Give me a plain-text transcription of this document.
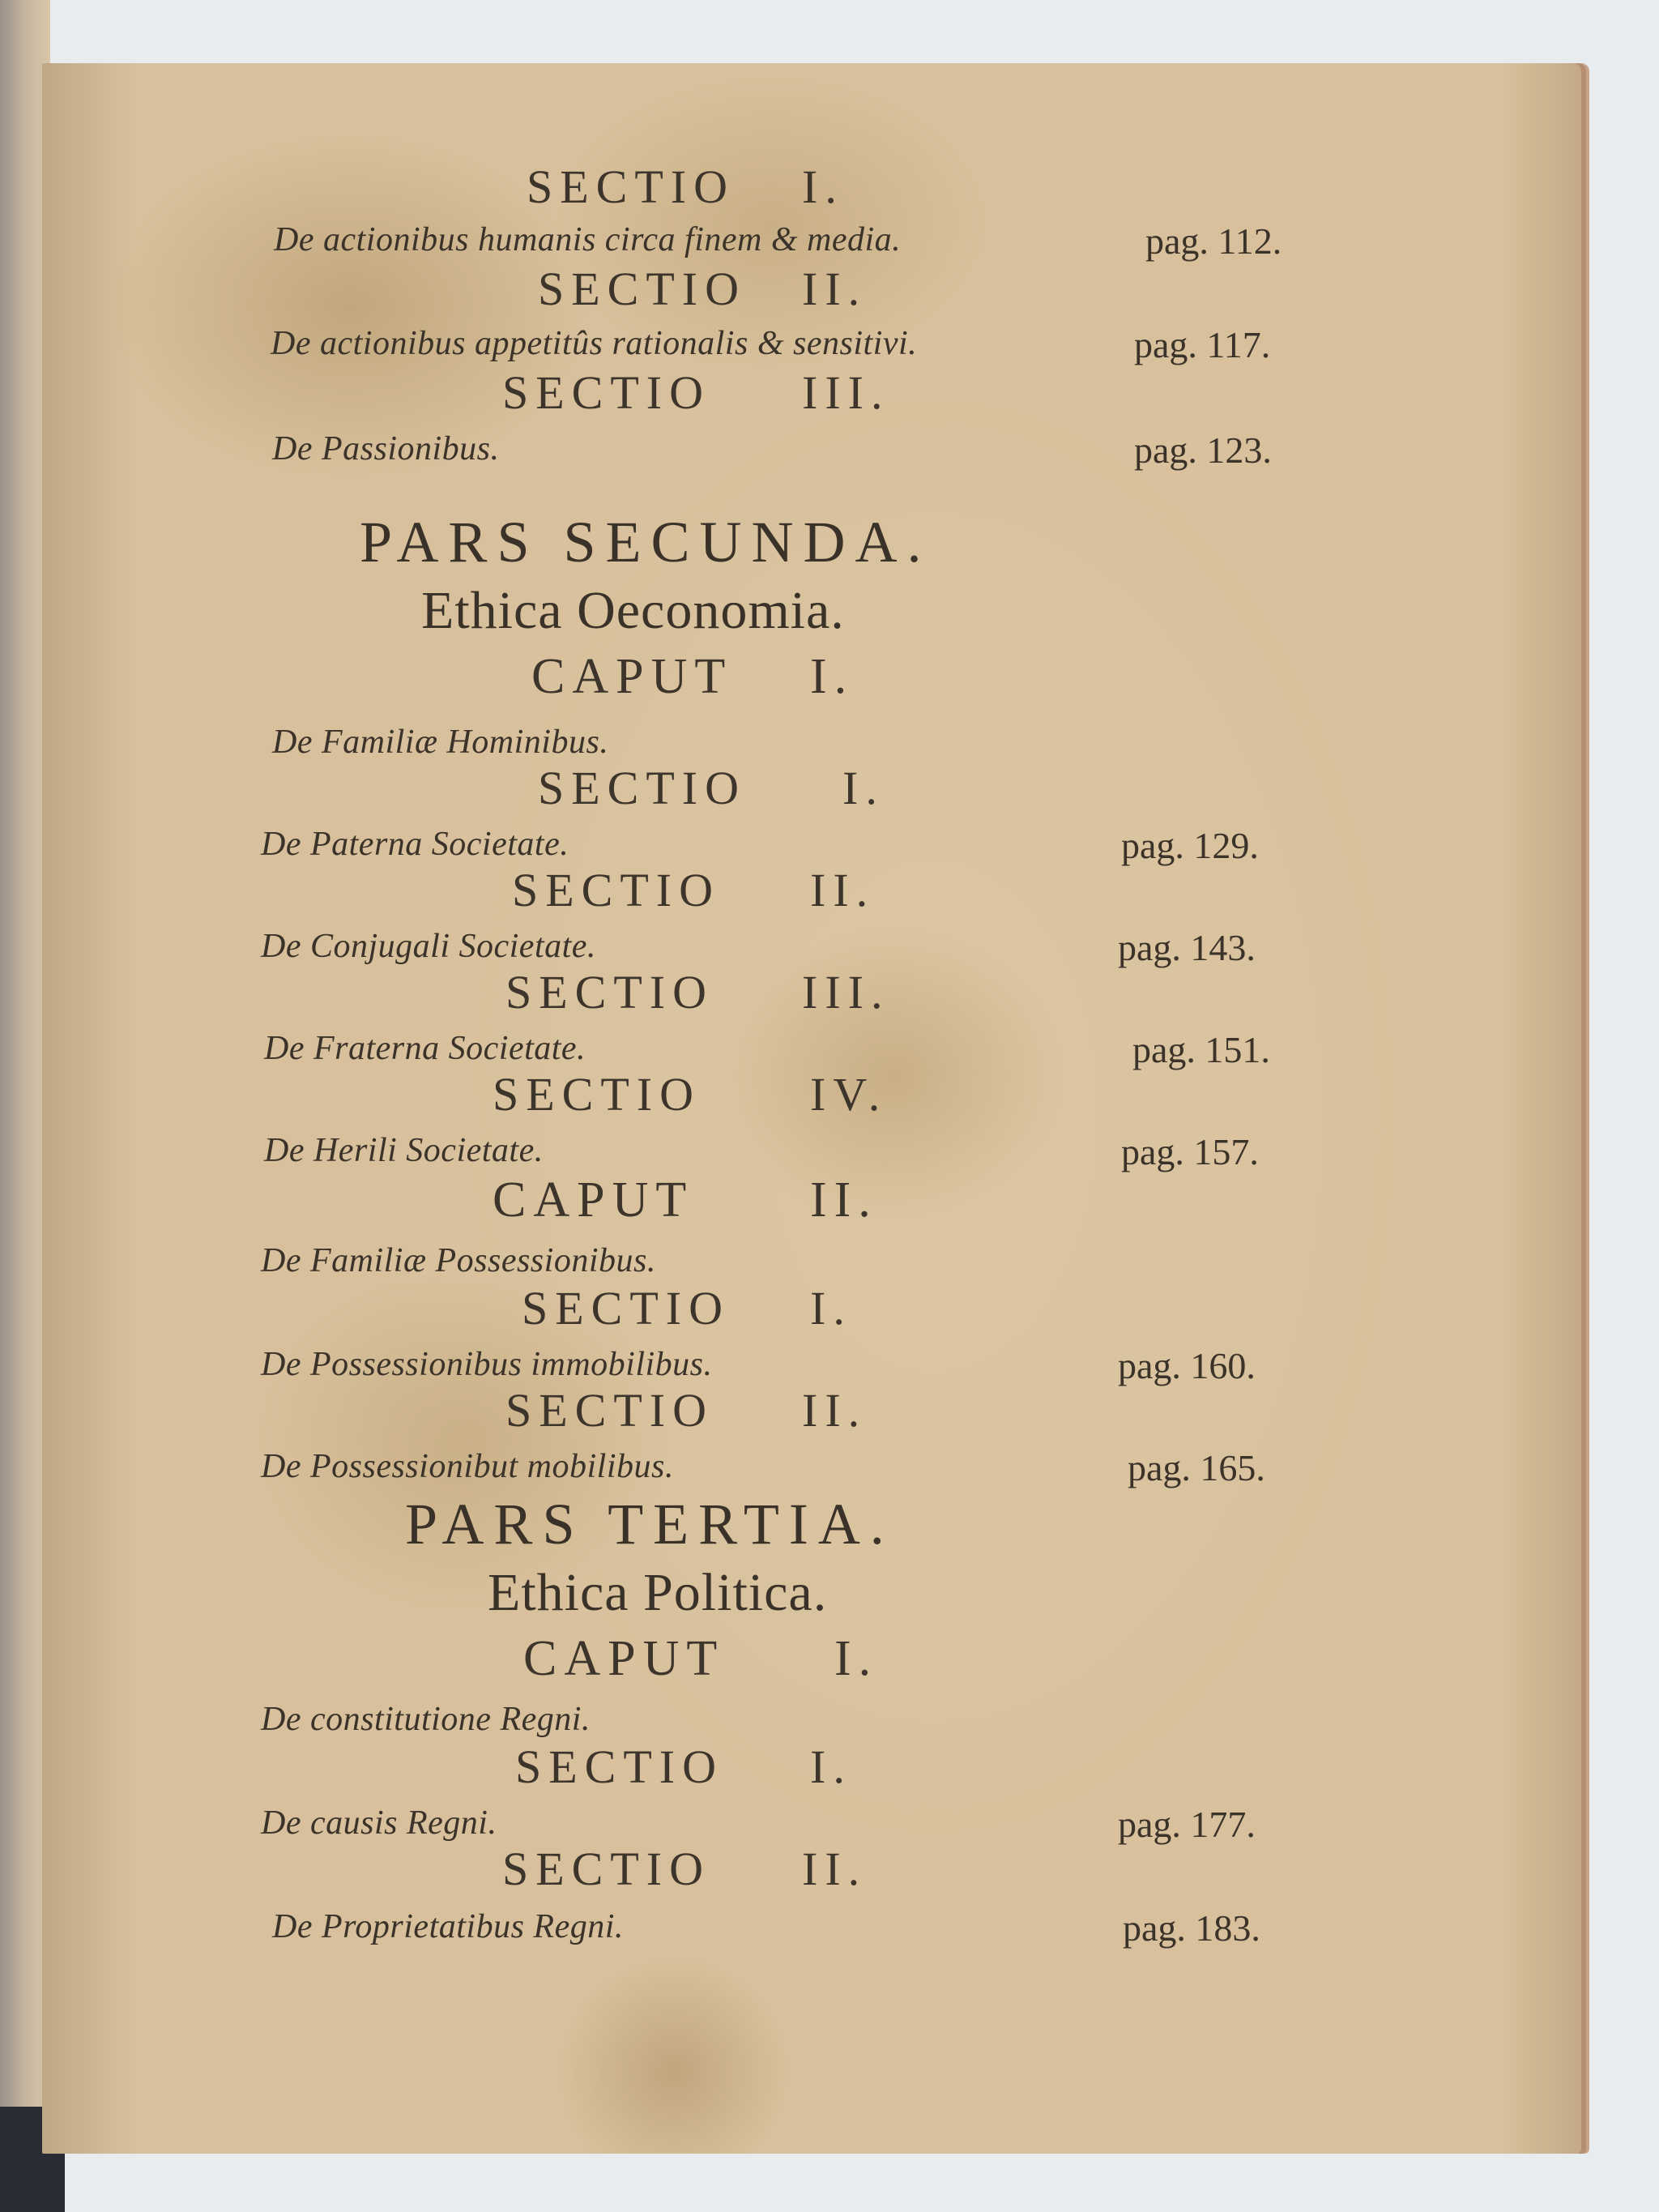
SECTIO I.
De actionibus humanis circa finem & media.	pag. 112.
SECTIO II.
De actionibus appetitûs rationalis & sensitivi.	pag. 117.
SECTIO III.
De Passionibus.	pag. 123.
PARS SECUNDA.
Ethica Oeconomia.
CAPUT I.
De Familiæ Hominibus.
SECTIO I.
De Paterna Societate.	pag. 129.
SECTIO II.
De Conjugali Societate.	pag. 143.
SECTIO III.
De Fraterna Societate.	pag. 151.
SECTIO IV.
De Herili Societate.	pag. 157.
CAPUT II.
De Familiæ Possessionibus.
SECTIO I.
De Possessionibus immobilibus.	pag. 160.
SECTIO II.
De Possessionibut mobilibus.	pag. 165.
PARS TERTIA.
Ethica Politica.
CAPUT I.
De constitutione Regni.
SECTIO I.
De causis Regni.	pag. 177.
SECTIO II.
De Proprietatibus Regni.	pag. 183.
